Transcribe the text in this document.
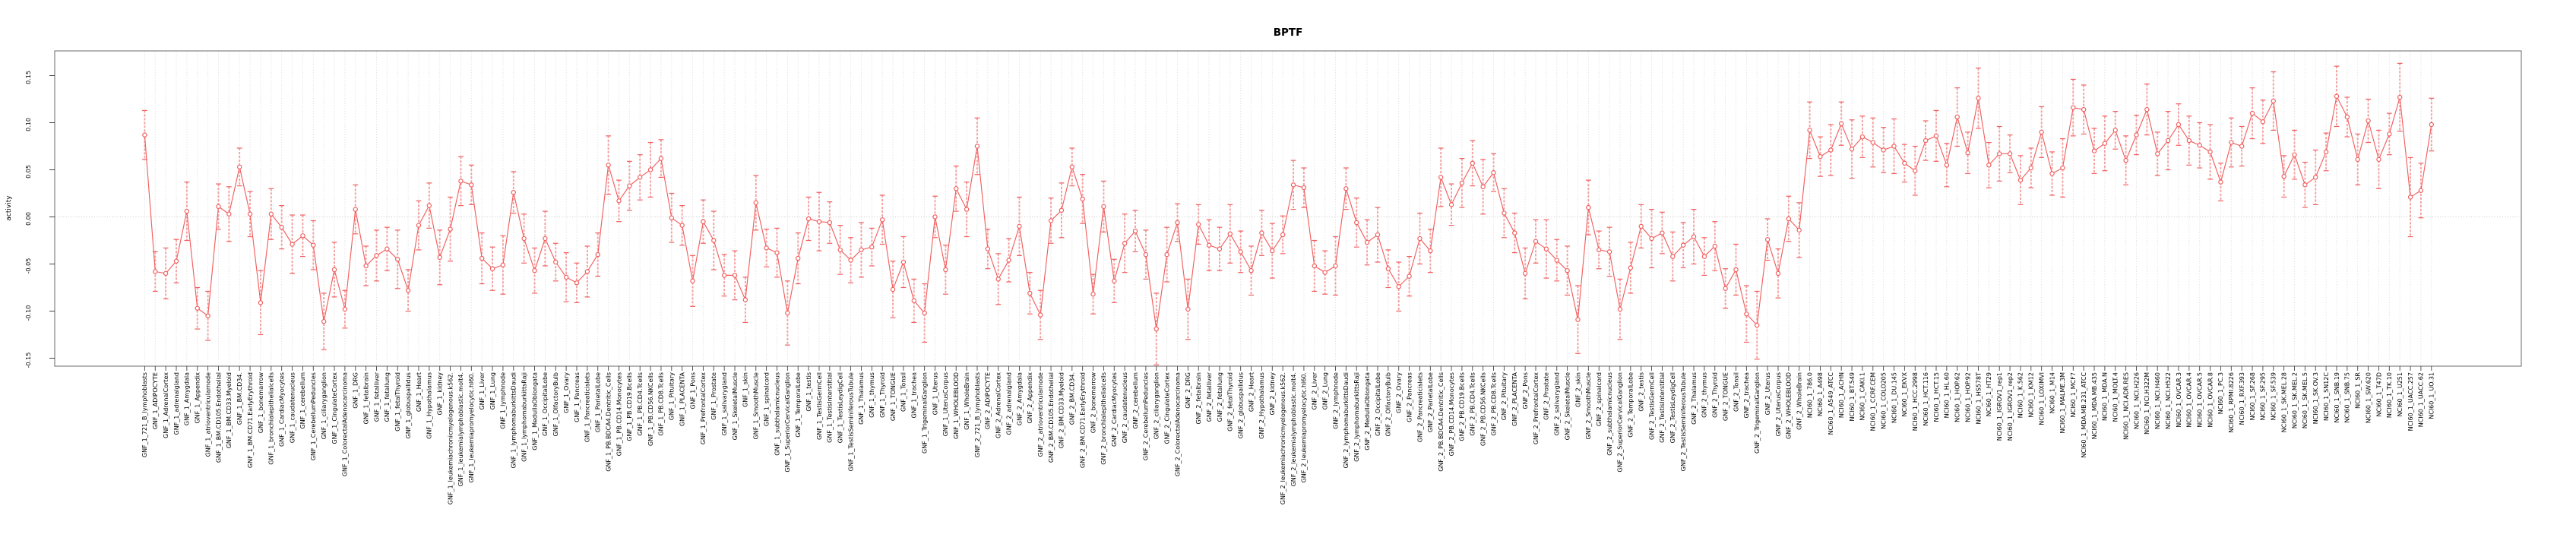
-0.15
-0.10
-0.05
0.00
0.05
0.10
0.15
GNF_1_721_B_lymphoblasts GNF_1_ADIPOCYTE GNF_1_AdrenalCortex GNF_1_adrenalgland GNF_1_Amygdala GNF_1_Appendix GNF_1_atrioventricularnode GNF_1_BM.CD105.Endothelial GNF_1_BM.CD33.Myeloid GNF_1_BM.CD34. GNF_1_BM.CD71.EarlyErythroid GNF_1_bonemarrow GNF_1_bronchialepithelialcells GNF_1_CardiacMyocytes GNF_1_caudatenucleus GNF_1_cerebellum GNF_1_CerebellumPeduncles GNF_1_ciliaryganglion GNF_1_CingulateCortex GNF_1_ColorectalAdenocarcinoma GNF_1_DRG GNF_1_fetalbrain GNF_1_fetalliver GNF_1_fetallung GNF_1_fetalThyroid GNF_1_globuspallidus GNF_1_Heart GNF_1_Hypothalamus GNF_1_kidney GNF_1_leukemiachronicmyelogenous.k562. GNF_1_leukemialymphoblastic.molt4. GNF_1_leukemiapromyelocytic.hl60. GNF_1_Liver GNF_1_Lung GNF_1_lymphnode GNF_1_lymphomaburkittsDaudi GNF_1_lymphomaburkittsRaji GNF_1_MedullaOblongata GNF_1_OccipitalLobe GNF_1_OlfactoryBulb GNF_1_Ovary GNF_1_Pancreas GNF_1_Pancreaticislets GNF_1_ParietalLobe GNF_1_PB.BDCA4.Dentritic_Cells GNF_1_PB.CD14.Monocytes GNF_1_PB.CD19.Bcells GNF_1_PB.CD4.Tcells GNF_1_PB.CD56.NKCells GNF_1_PB.CD8.Tcells GNF_1_Pituitary GNF_1_PLACENTA GNF_1_Pons GNF_1_PrefrontalCortex GNF_1_Prostate GNF_1_salivarygland GNF_1_SkeletalMuscle GNF_1_skin GNF_1_SmoothMuscle GNF_1_spinalcord GNF_1_subthalamicnucleus GNF_1_SuperiorCervicalGanglion GNF_1_TemporalLobe GNF_1_testis GNF_1_TestisGermCell GNF_1_TestisInterstitial GNF_1_TestisLeydigCell GNF_1_TestisSeminiferousTubule GNF_1_Thalamus GNF_1_thymus GNF_1_Thyroid GNF_1_TONGUE GNF_1_Tonsil GNF_1_trachea GNF_1_TrigeminalGanglion GNF_1_Uterus GNF_1_UterusCorpus GNF_1_WHOLEBLOOD GNF_1_WholeBrain GNF_2_721_B_lymphoblasts GNF_2_ADIPOCYTE GNF_2_AdrenalCortex GNF_2_adrenalgland GNF_2_Amygdala GNF_2_Appendix GNF_2_atrioventricularnode GNF_2_BM.CD105.Endothelial GNF_2_BM.CD33.Myeloid GNF_2_BM.CD34. GNF_2_BM.CD71.EarlyErythroid GNF_2_bonemarrow GNF_2_bronchialepithelialcells GNF_2_CardiacMyocytes GNF_2_caudatenucleus GNF_2_cerebellum GNF_2_CerebellumPeduncles GNF_2_ciliaryganglion GNF_2_CingulateCortex GNF_2_ColorectalAdenocarcinoma GNF_2_DRG GNF_2_fetalbrain GNF_2_fetalliver GNF_2_fetallung GNF_2_fetalThyroid GNF_2_globuspallidus GNF_2_Heart GNF_2_Hypothalamus GNF_2_kidney GNF_2_leukemiachronicmyelogenous.k562. GNF_2_leukemialymphoblastic.molt4. GNF_2_leukemiapromyelocytic.hl60. GNF_2_Liver GNF_2_Lung GNF_2_lymphnode GNF_2_lymphomaburkittsDaudi GNF_2_lymphomaburkittsRaji GNF_2_MedullaOblongata GNF_2_OccipitalLobe GNF_2_OlfactoryBulb GNF_2_Ovary GNF_2_Pancreas GNF_2_Pancreaticislets GNF_2_ParietalLobe GNF_2_PB.BDCA4.Dentritic_Cells GNF_2_PB.CD14.Monocytes GNF_2_PB.CD19.Bcells GNF_2_PB.CD4.Tcells GNF_2_PB.CD56.NKCells GNF_2_PB.CD8.Tcells GNF_2_Pituitary GNF_2_PLACENTA GNF_2_Pons GNF_2_PrefrontalCortex GNF_2_Prostate GNF_2_salivarygland GNF_2_SkeletalMuscle GNF_2_skin GNF_2_SmoothMuscle GNF_2_spinalcord GNF_2_subthalamicnucleus GNF_2_SuperiorCervicalGanglion GNF_2_TemporalLobe GNF_2_testis GNF_2_TestisGermCell GNF_2_TestisInterstitial GNF_2_TestisLeydigCell GNF_2_TestisSeminiferousTubule GNF_2_Thalamus GNF_2_thymus GNF_2_Thyroid GNF_2_TONGUE GNF_2_Tonsil GNF_2_trachea GNF_2_TrigeminalGanglion GNF_2_Uterus GNF_2_UterusCorpus GNF_2_WHOLEBLOOD GNF_2_WholeBrain NCI60_1_786.0 NCI60_1_A498 NCI60_1_A549_ATCC NCI60_1_ACHN NCI60_1_BT.549 NCI60_1_CAKI.1 NCI60_1_CCRF.CEM NCI60_1_COLO205 NCI60_1_DU.145 NCI60_1_EKVX NCI60_1_HCC.2998 NCI60_1_HCT.116 NCI60_1_HCT.15 NCI60_1_HL.60 NCI60_1_HOP.62 NCI60_1_HOP.92 NCI60_1_HS578T NCI60_1_HT29 NCI60_1_IGROV1_rep1 NCI60_1_IGROV1_rep2 NCI60_1_K.562 NCI60_1_KM12 NCI60_1_LOXIMVI NCI60_1_M14 NCI60_1_MALME.3M NCI60_1_MCF7 NCI60_1_MDA.MB.231_ATCC NCI60_1_MDA.MB.435 NCI60_1_MDA.N NCI60_1_MOLT.4 NCI60_1_NCI.ADR.RES NCI60_1_NCI.H226 NCI60_1_NCI.H322M NCI60_1_NCI.H460 NCI60_1_NCI.H522 NCI60_1_OVCAR.3 NCI60_1_OVCAR.4 NCI60_1_OVCAR.5 NCI60_1_OVCAR.8 NCI60_1_PC.3 NCI60_1_RPMI.8226 NCI60_1_RXF.393 NCI60_1_SF.268 NCI60_1_SF.295 NCI60_1_SF.539 NCI60_1_SK.MEL.28 NCI60_1_SK.MEL.2 NCI60_1_SK.MEL.5 NCI60_1_SK.OV.3 NCI60_1_SN12C NCI60_1_SNB.19 NCI60_1_SNB.75 NCI60_1_SR NCI60_1_SW.620 NCI60_1_T47D NCI60_1_TK.10 NCI60_1_U251 NCI60_1_UACC.257 NCI60_1_UACC.62 NCI60_1_UO.31
BPTF
activity
